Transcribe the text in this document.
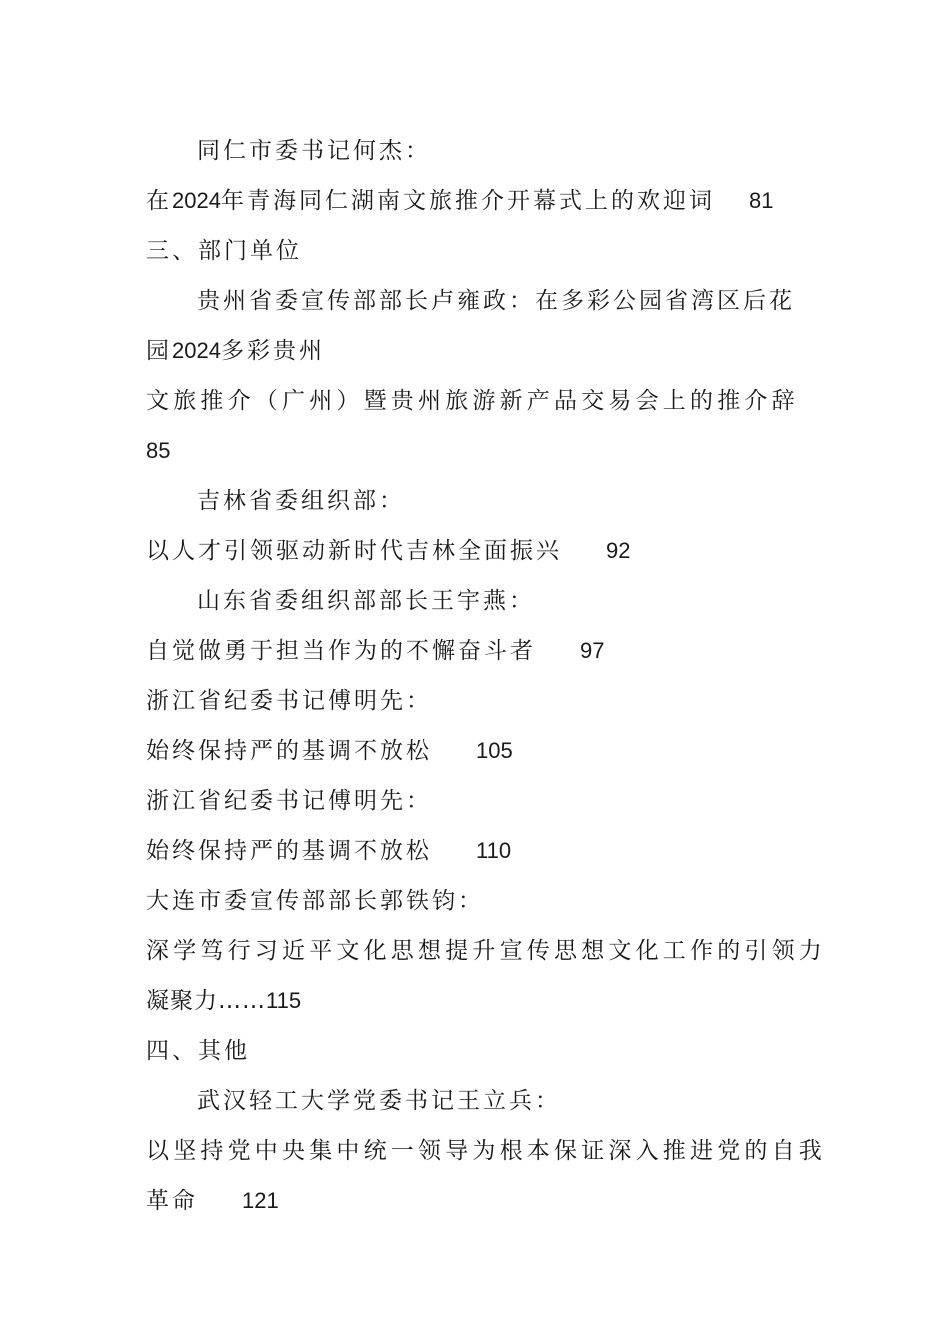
同仁市委书记何杰：
在2024年青海同仁湖南文旅推介开幕式上的欢迎词 81
三、部门单位
贵州省委宣传部部长卢雍政：在多彩公园省湾区后花
园2024多彩贵州
文旅推介（广州）暨贵州旅游新产品交易会上的推介辞
85
吉林省委组织部：
以人才引领驱动新时代吉林全面振兴 92
山东省委组织部部长王宇燕：
自觉做勇于担当作为的不懈奋斗者 97
浙江省纪委书记傅明先：
始终保持严的基调不放松 105
浙江省纪委书记傅明先：
始终保持严的基调不放松 110
大连市委宣传部部长郭铁钧：
深学笃行习近平文化思想提升宣传思想文化工作的引领力
凝聚力……115
四、其他
武汉轻工大学党委书记王立兵：
以坚持党中央集中统一领导为根本保证深入推进党的自我
革命 121
